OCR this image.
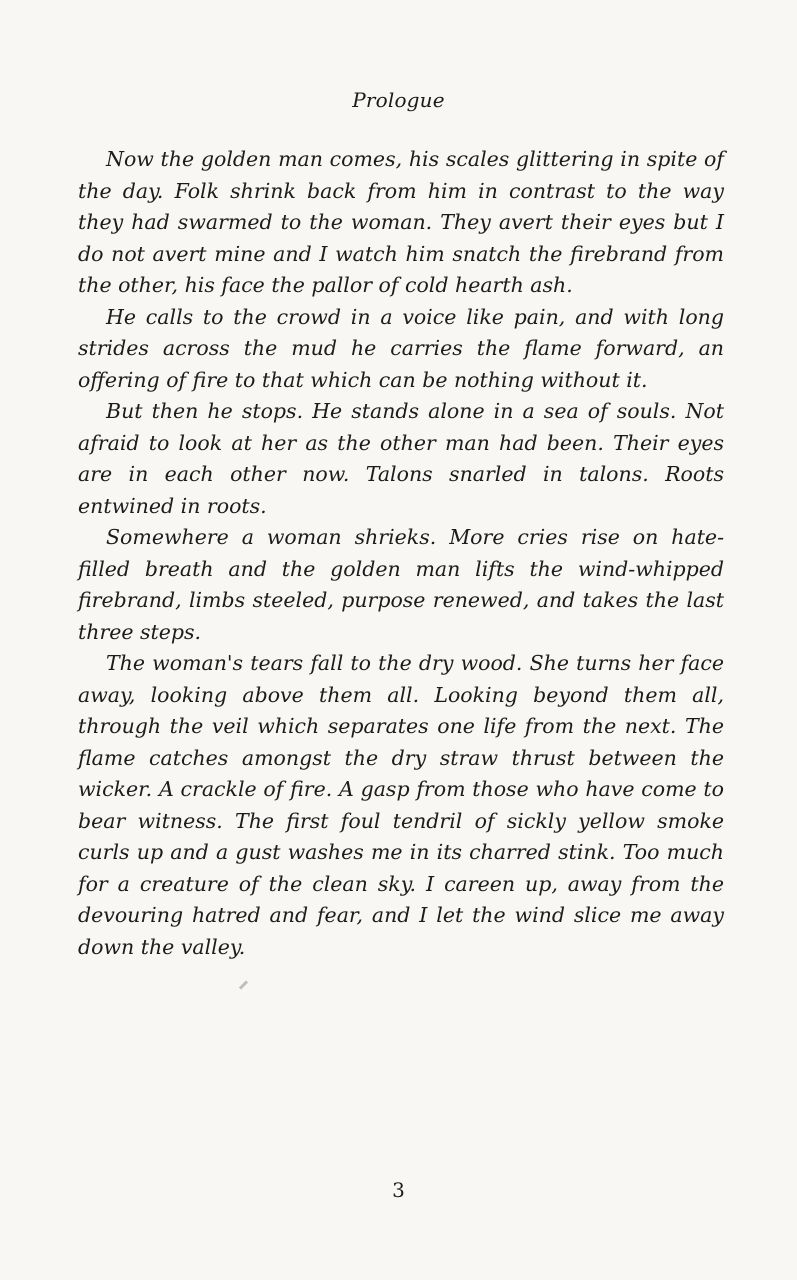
Prologue

Now the golden man comes, his scales glittering in spite of the day. Folk shrink back from him in contrast to the way they had swarmed to the woman. They avert their eyes but I do not avert mine and I watch him snatch the firebrand from the other, his face the pallor of cold hearth ash.

He calls to the crowd in a voice like pain, and with long strides across the mud he carries the flame forward, an offering of fire to that which can be nothing without it.

But then he stops. He stands alone in a sea of souls. Not afraid to look at her as the other man had been. Their eyes are in each other now. Talons snarled in talons. Roots entwined in roots.

Somewhere a woman shrieks. More cries rise on hate-filled breath and the golden man lifts the wind-whipped firebrand, limbs steeled, purpose renewed, and takes the last three steps.

The woman's tears fall to the dry wood. She turns her face away, looking above them all. Looking beyond them all, through the veil which separates one life from the next. The flame catches amongst the dry straw thrust between the wicker. A crackle of fire. A gasp from those who have come to bear witness. The first foul tendril of sickly yellow smoke curls up and a gust washes me in its charred stink. Too much for a creature of the clean sky. I careen up, away from the devouring hatred and fear, and I let the wind slice me away down the valley.

3
